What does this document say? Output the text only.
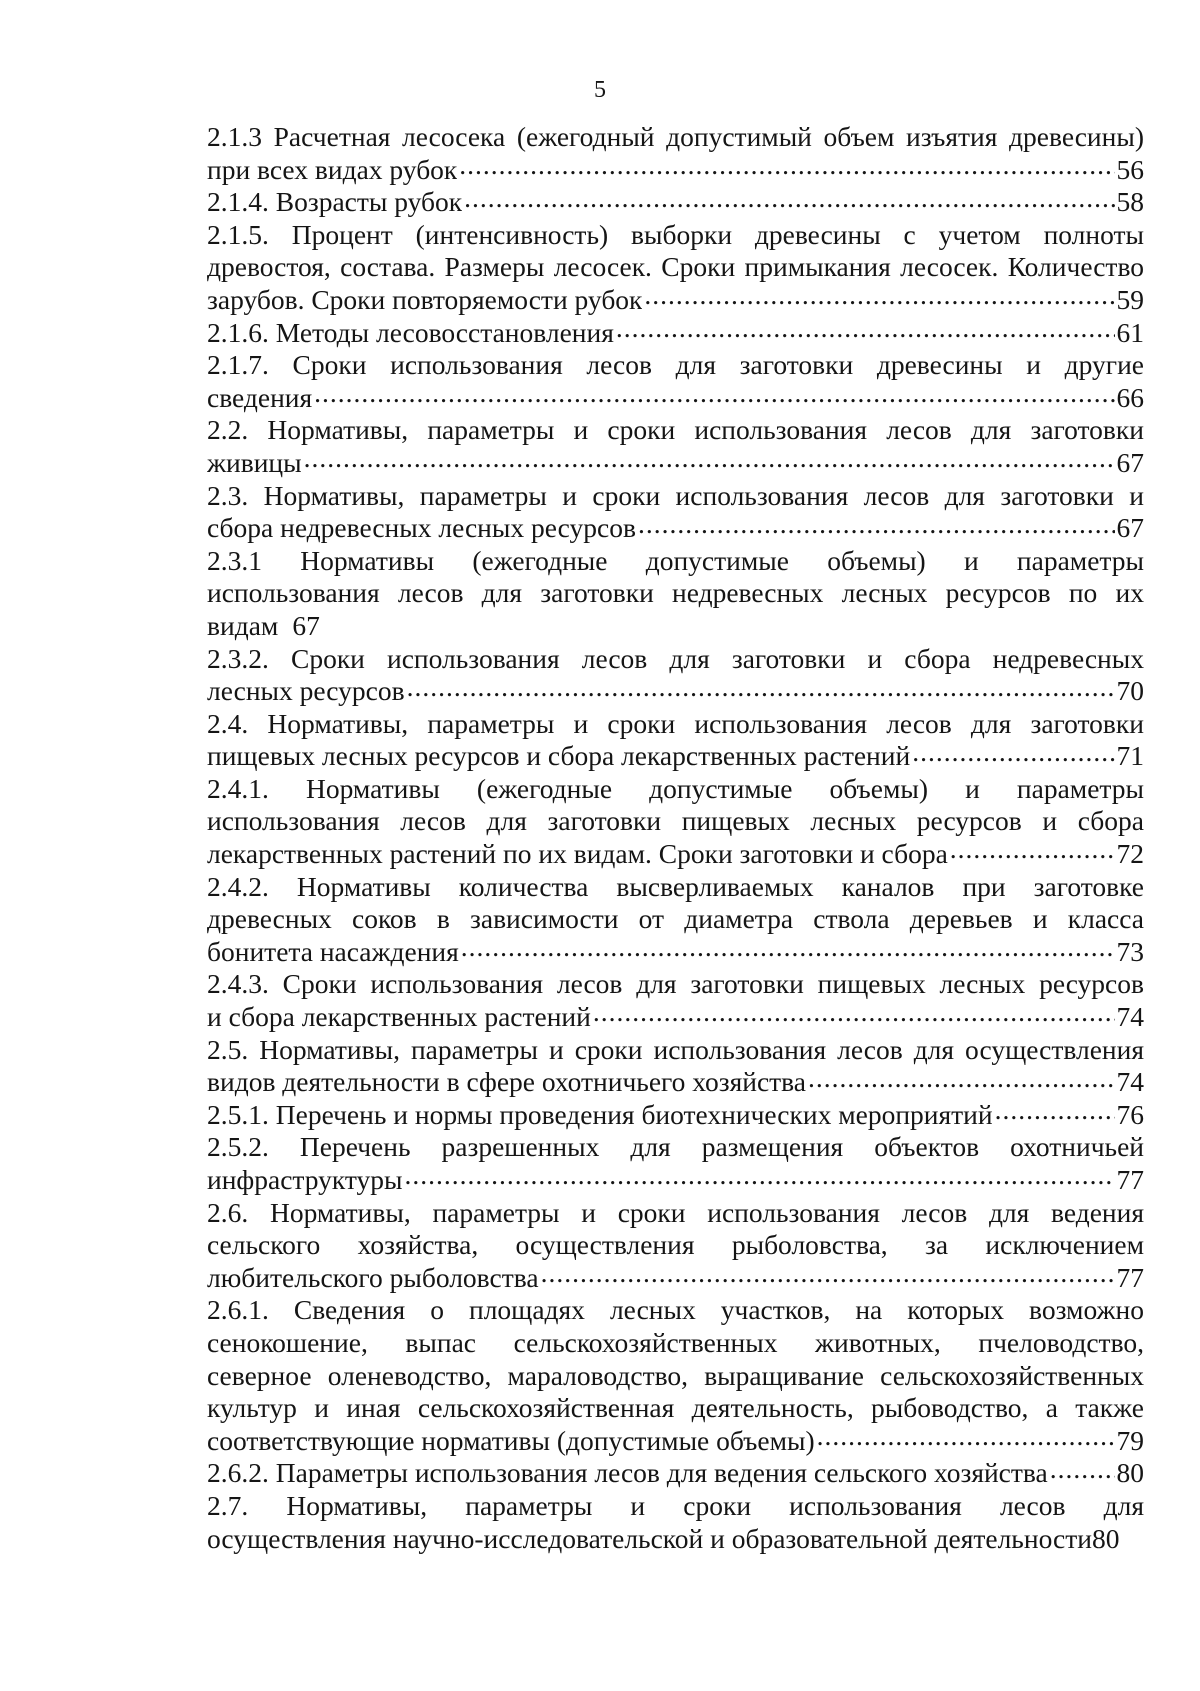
5
2.1.3 Расчетная лесосека (ежегодный допустимый объем изъятия древесины)
при всех видах рубок .....	56
2.1.4. Возрасты рубок .....	58
2.1.5. Процент (интенсивность) выборки древесины с учетом полноты
древостоя, состава. Размеры лесосек. Сроки примыкания лесосек. Количество
зарубов. Сроки повторяемости рубок .....	59
2.1.6. Методы лесовосстановления .....	61
2.1.7. Сроки использования лесов для заготовки древесины и другие
сведения .....	66
2.2. Нормативы, параметры и сроки использования лесов для заготовки
живицы .....	67
2.3. Нормативы, параметры и сроки использования лесов для заготовки и
сбора недревесных лесных ресурсов .....	67
2.3.1 Нормативы (ежегодные допустимые объемы) и параметры
использования лесов для заготовки недревесных лесных ресурсов по их
видам 67
2.3.2. Сроки использования лесов для заготовки и сбора недревесных
лесных ресурсов .....	70
2.4. Нормативы, параметры и сроки использования лесов для заготовки
пищевых лесных ресурсов и сбора лекарственных растений .....	71
2.4.1. Нормативы (ежегодные допустимые объемы) и параметры
использования лесов для заготовки пищевых лесных ресурсов и сбора
лекарственных растений по их видам. Сроки заготовки и сбора .....	72
2.4.2. Нормативы количества высверливаемых каналов при заготовке
древесных соков в зависимости от диаметра ствола деревьев и класса
бонитета насаждения .....	73
2.4.3. Сроки использования лесов для заготовки пищевых лесных ресурсов
и сбора лекарственных растений .....	74
2.5. Нормативы, параметры и сроки использования лесов для осуществления
видов деятельности в сфере охотничьего хозяйства .....	74
2.5.1. Перечень и нормы проведения биотехнических мероприятий .....	76
2.5.2. Перечень разрешенных для размещения объектов охотничьей
инфраструктуры .....	77
2.6. Нормативы, параметры и сроки использования лесов для ведения
сельского хозяйства, осуществления рыболовства, за исключением
любительского рыболовства .....	77
2.6.1. Сведения о площадях лесных участков, на которых возможно
сенокошение, выпас сельскохозяйственных животных, пчеловодство,
северное оленеводство, мараловодство, выращивание сельскохозяйственных
культур и иная сельскохозяйственная деятельность, рыбоводство, а также
соответствующие нормативы (допустимые объемы) .....	79
2.6.2. Параметры использования лесов для ведения сельского хозяйства .....	80
2.7. Нормативы, параметры и сроки использования лесов для
осуществления научно-исследовательской и образовательной деятельности 80
